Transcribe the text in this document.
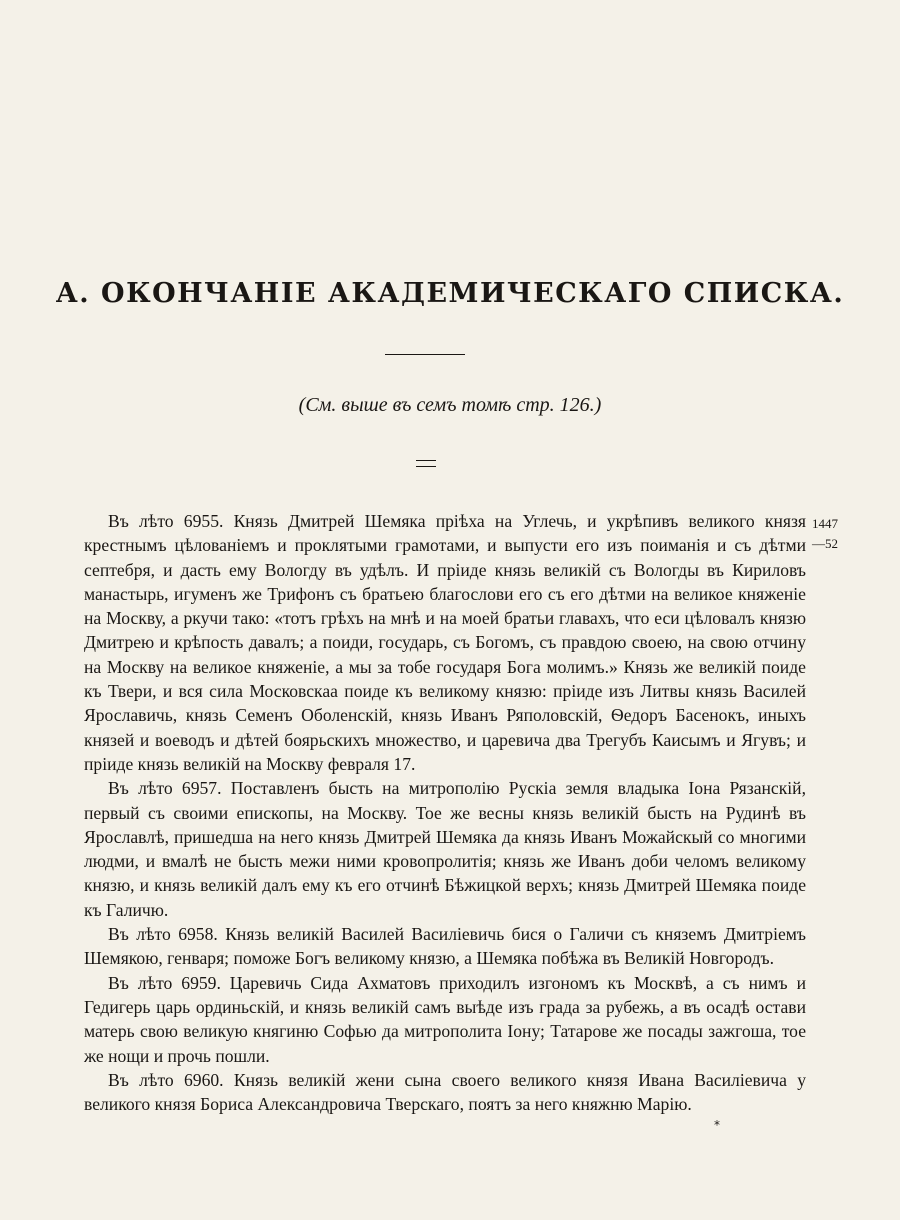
А. ОКОНЧАНІЕ АКАДЕМИЧЕСКАГО СПИСКА.
(См. выше въ семъ томѣ стр. 126.)
1447
—52

Въ лѣто 6955. Князь Дмитрей Шемяка пріѣха на Углечь, и укрѣпивъ великого князя крестнымъ цѣлованіемъ и проклятыми грамотами, и выпусти его изъ поиманія и съ дѣтми септебря, и дасть ему Вологду въ удѣлъ. И пріиде князь великій съ Вологды въ Кириловъ манастырь, игуменъ же Трифонъ съ братьею благослови его съ его дѣтми на великое княженіе на Москву, а ркучи тако: «тотъ грѣхъ на мнѣ и на моей братьи главахъ, что еси цѣловалъ князю Дмитрею и крѣпость давалъ; а поиди, государь, съ Богомъ, съ правдою своею, на свою отчину на Москву на великое княженіе, а мы за тобе государя Бога молимъ.» Князь же великій поиде къ Твери, и вся сила Московскаа поиде къ великому князю: пріиде изъ Литвы князь Василей Ярославичь, князь Семенъ Оболенскій, князь Иванъ Ряполовскій, Ѳедоръ Басенокъ, иныхъ князей и воеводъ и дѣтей боярьскихъ множество, и царевича два Трегубъ Каисымъ и Ягувъ; и пріиде князь великій на Москву февраля 17.

Въ лѣто 6957. Поставленъ бысть на митрополію Рускіа земля владыка Іона Рязанскій, первый съ своими епископы, на Москву. Тое же весны князь великій бысть на Рудинѣ въ Ярославлѣ, пришедша на него князь Дмитрей Шемяка да князь Иванъ Можайскый со многими людми, и вмалѣ не бысть межи ними кровопролитія; князь же Иванъ доби челомъ великому князю, и князь великій далъ ему къ его отчинѣ Бѣжицкой верхъ; князь Дмитрей Шемяка поиде къ Галичю.

Въ лѣто 6958. Князь великій Василей Василіевичь бися о Галичи съ княземъ Дмитріемъ Шемякою, генваря; поможе Богъ великому князю, а Шемяка побѣжа въ Великій Новгородъ.

Въ лѣто 6959. Царевичь Сида Ахматовъ приходилъ изгономъ къ Москвѣ, а съ нимъ и Гедигерь царь ординьскій, и князь великій самъ выѣде изъ града за рубежь, а въ осадѣ остави матерь свою великую княгиню Софью да митрополита Іону; Татарове же посады зажгоша, тое же нощи и прочь пошли.

Въ лѣто 6960. Князь великій жени сына своего великого князя Ивана Василіевича у великого князя Бориса Александровича Тверскаго, поятъ за него княжню Марію.

*
